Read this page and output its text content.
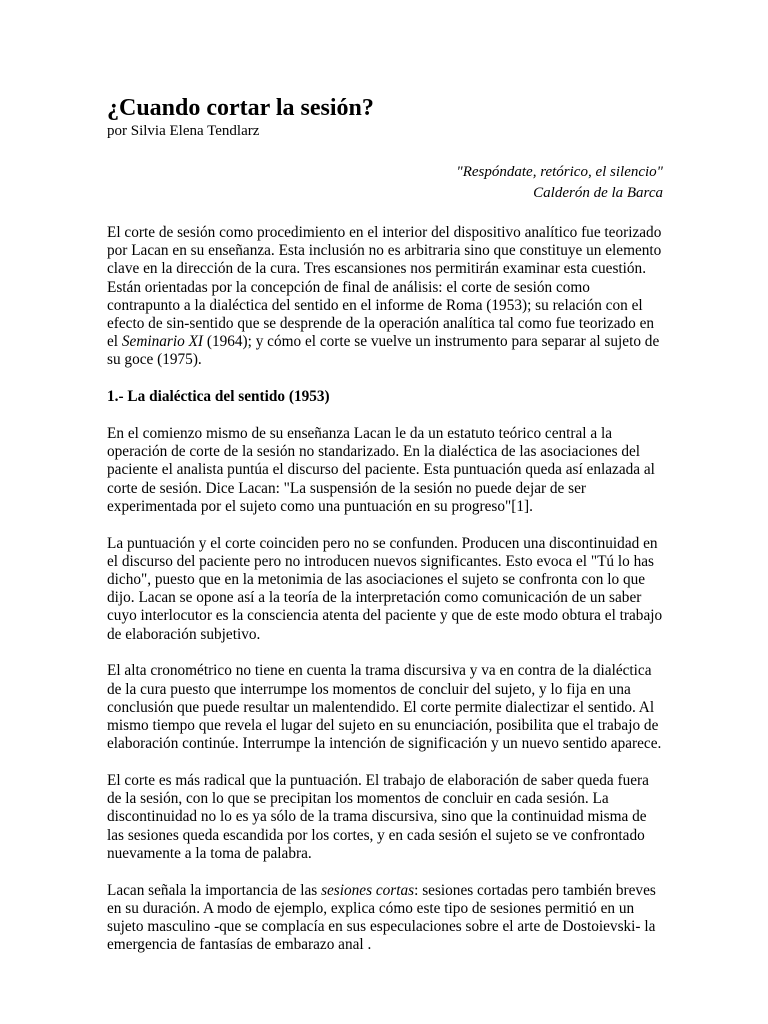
¿Cuando cortar la sesión?
por Silvia Elena Tendlarz
"Respóndate, retórico, el silencio"
Calderón de la Barca

El corte de sesión como procedimiento en el interior del dispositivo analítico fue teorizado por Lacan en su enseñanza. Esta inclusión no es arbitraria sino que constituye un elemento clave en la dirección de la cura. Tres escansiones nos permitirán examinar esta cuestión. Están orientadas por la concepción de final de análisis: el corte de sesión como contrapunto a la dialéctica del sentido en el informe de Roma (1953); su relación con el efecto de sin-sentido que se desprende de la operación analítica tal como fue teorizado en el Seminario XI (1964); y cómo el corte se vuelve un instrumento para separar al sujeto de su goce (1975).

1.- La dialéctica del sentido (1953)

En el comienzo mismo de su enseñanza Lacan le da un estatuto teórico central a la operación de corte de la sesión no standarizado. En la dialéctica de las asociaciones del paciente el analista puntúa el discurso del paciente. Esta puntuación queda así enlazada al corte de sesión. Dice Lacan: "La suspensión de la sesión no puede dejar de ser experimentada por el sujeto como una puntuación en su progreso"[1].

La puntuación y el corte coinciden pero no se confunden. Producen una discontinuidad en el discurso del paciente pero no introducen nuevos significantes. Esto evoca el "Tú lo has dicho", puesto que en la metonimia de las asociaciones el sujeto se confronta con lo que dijo. Lacan se opone así a la teoría de la interpretación como comunicación de un saber cuyo interlocutor es la consciencia atenta del paciente y que de este modo obtura el trabajo de elaboración subjetivo.

El alta cronométrico no tiene en cuenta la trama discursiva y va en contra de la dialéctica de la cura puesto que interrumpe los momentos de concluir del sujeto, y lo fija en una conclusión que puede resultar un malentendido. El corte permite dialectizar el sentido. Al mismo tiempo que revela el lugar del sujeto en su enunciación, posibilita que el trabajo de elaboración continúe. Interrumpe la intención de significación y un nuevo sentido aparece.

El corte es más radical que la puntuación. El trabajo de elaboración de saber queda fuera de la sesión, con lo que se precipitan los momentos de concluir en cada sesión. La discontinuidad no lo es ya sólo de la trama discursiva, sino que la continuidad misma de las sesiones queda escandida por los cortes, y en cada sesión el sujeto se ve confrontado nuevamente a la toma de palabra.

Lacan señala la importancia de las sesiones cortas: sesiones cortadas pero también breves en su duración. A modo de ejemplo, explica cómo este tipo de sesiones permitió en un sujeto masculino -que se complacía en sus especulaciones sobre el arte de Dostoievski- la emergencia de fantasías de embarazo anal .
